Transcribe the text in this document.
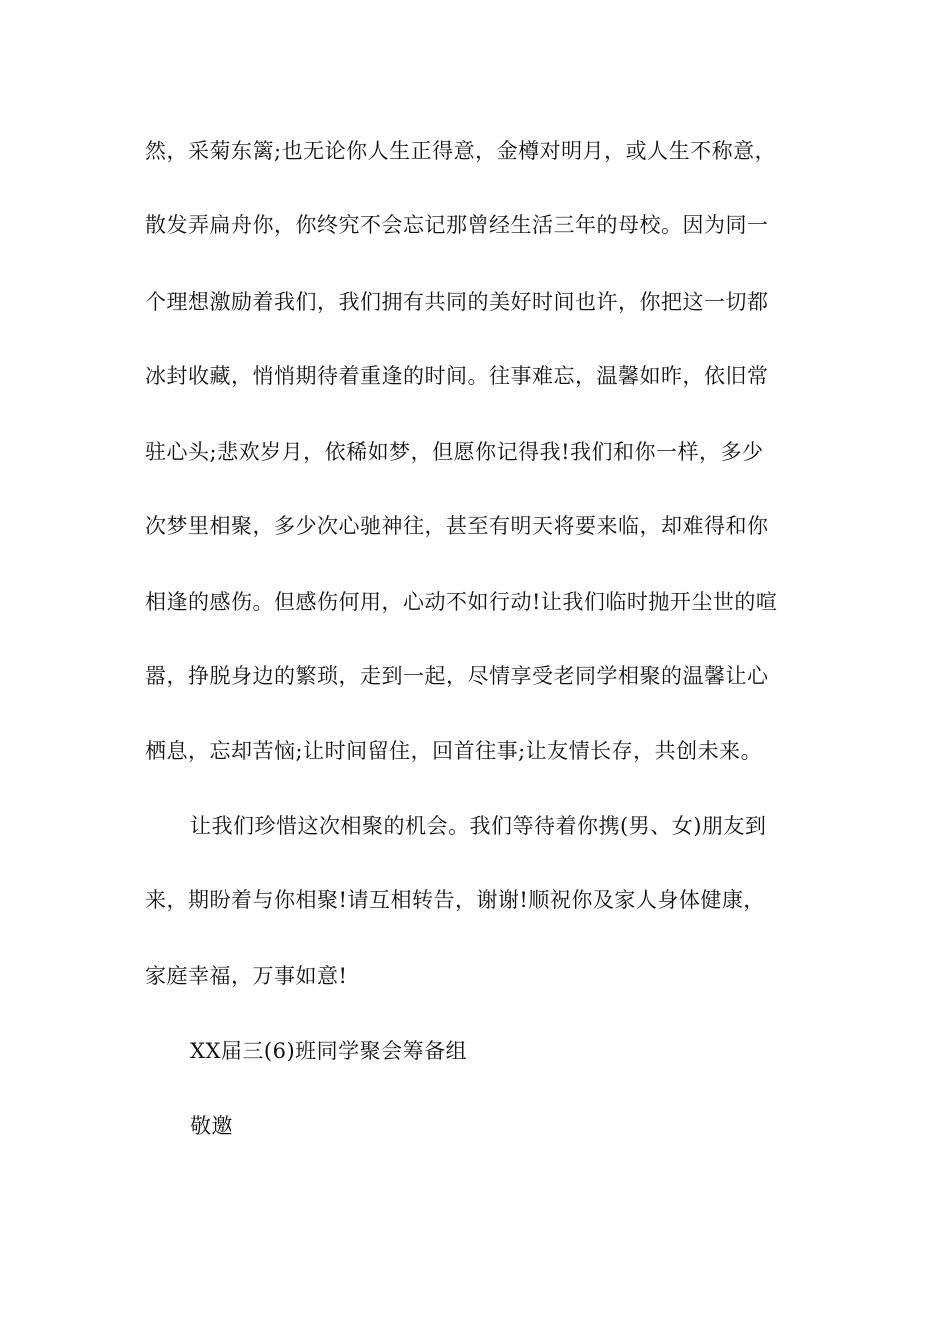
然，采菊东篱;也无论你人生正得意，金樽对明月，或人生不称意，
散发弄扁舟你，你终究不会忘记那曾经生活三年的母校。因为同一
个理想激励着我们，我们拥有共同的美好时间也许，你把这一切都
冰封收藏，悄悄期待着重逢的时间。往事难忘，温馨如昨，依旧常
驻心头;悲欢岁月，依稀如梦，但愿你记得我!我们和你一样，多少
次梦里相聚，多少次心驰神往，甚至有明天将要来临，却难得和你
相逢的感伤。但感伤何用，心动不如行动!让我们临时抛开尘世的喧
嚣，挣脱身边的繁琐，走到一起，尽情享受老同学相聚的温馨让心
栖息，忘却苦恼;让时间留住，回首往事;让友情长存，共创未来。
让我们珍惜这次相聚的机会。我们等待着你携(男、女)朋友到
来，期盼着与你相聚!请互相转告，谢谢!顺祝你及家人身体健康，
家庭幸福，万事如意!
XX届三(6)班同学聚会筹备组
敬邀
